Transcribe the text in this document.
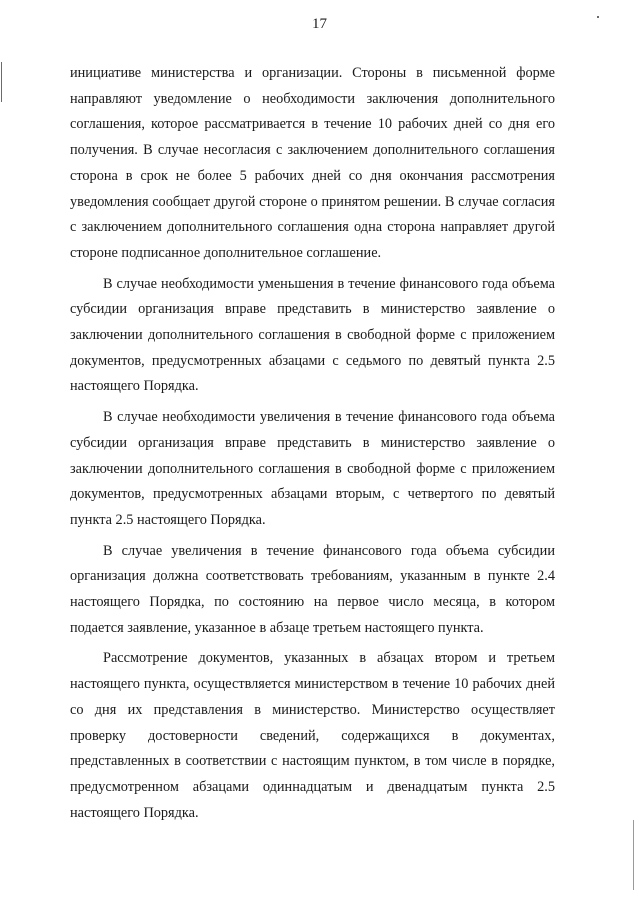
17

инициативе министерства и организации. Стороны в письменной форме направляют уведомление о необходимости заключения дополнительного соглашения, которое рассматривается в течение 10 рабочих дней со дня его получения. В случае несогласия с заключением дополнительного соглашения сторона в срок не более 5 рабочих дней со дня окончания рассмотрения уведомления сообщает другой стороне о принятом решении. В случае согласия с заключением дополнительного соглашения одна сторона направляет другой стороне подписанное дополнительное соглашение.

В случае необходимости уменьшения в течение финансового года объема субсидии организация вправе представить в министерство заявление о заключении дополнительного соглашения в свободной форме с приложением документов, предусмотренных абзацами с седьмого по девятый пункта 2.5 настоящего Порядка.

В случае необходимости увеличения в течение финансового года объема субсидии организация вправе представить в министерство заявление о заключении дополнительного соглашения в свободной форме с приложением документов, предусмотренных абзацами вторым, с четвертого по девятый пункта 2.5 настоящего Порядка.

В случае увеличения в течение финансового года объема субсидии организация должна соответствовать требованиям, указанным в пункте 2.4 настоящего Порядка, по состоянию на первое число месяца, в котором подается заявление, указанное в абзаце третьем настоящего пункта.

Рассмотрение документов, указанных в абзацах втором и третьем настоящего пункта, осуществляется министерством в течение 10 рабочих дней со дня их представления в министерство. Министерство осуществляет проверку достоверности сведений, содержащихся в документах, представленных в соответствии с настоящим пунктом, в том числе в порядке, предусмотренном абзацами одиннадцатым и двенадцатым пункта 2.5 настоящего Порядка.
